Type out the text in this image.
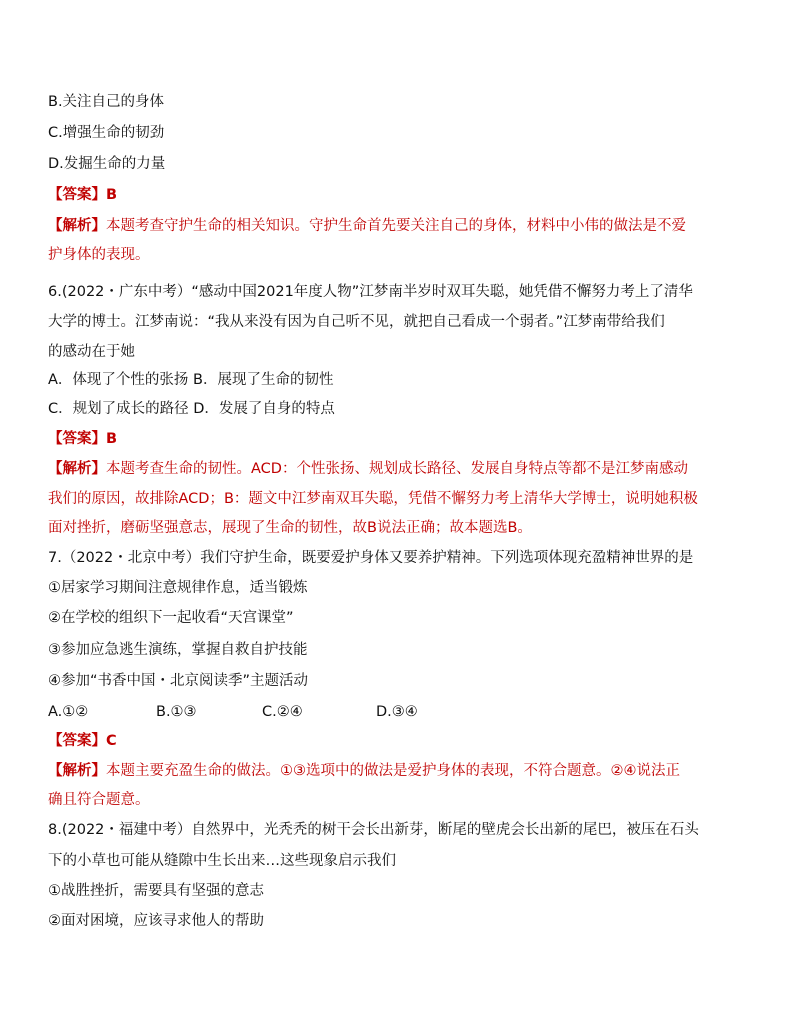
B.关注自己的身体
C.增强生命的韧劲
D.发掘生命的力量
【答案】B
【解析】本题考查守护生命的相关知识。守护生命首先要关注自己的身体，材料中小伟的做法是不爱
护身体的表现。
6.(2022・广东中考）“感动中国2021年度人物”江梦南半岁时双耳失聪，她凭借不懈努力考上了清华
大学的博士。江梦南说：“我从来没有因为自己听不见，就把自己看成一个弱者。”江梦南带给我们
的感动在于她
A．体现了个性的张扬 B．展现了生命的韧性
C．规划了成长的路径 D．发展了自身的特点
【答案】B
【解析】本题考查生命的韧性。ACD：个性张扬、规划成长路径、发展自身特点等都不是江梦南感动
我们的原因，故排除ACD；B：题文中江梦南双耳失聪，凭借不懈努力考上清华大学博士，说明她积极
面对挫折，磨砺坚强意志，展现了生命的韧性，故B说法正确；故本题选B。
7.（2022・北京中考）我们守护生命，既要爱护身体又要养护精神。下列选项体现充盈精神世界的是
①居家学习期间注意规律作息，适当锻炼
②在学校的组织下一起收看“天宫课堂”
③参加应急逃生演练，掌握自救自护技能
④参加“书香中国・北京阅读季”主题活动
A.①②	B.①③	C.②④	D.③④
【答案】C
【解析】本题主要充盈生命的做法。①③选项中的做法是爱护身体的表现，不符合题意。②④说法正
确且符合题意。
8.(2022・福建中考）自然界中，光秃秃的树干会长出新芽，断尾的壁虎会长出新的尾巴，被压在石头
下的小草也可能从缝隙中生长出来…这些现象启示我们
①战胜挫折，需要具有坚强的意志
②面对困境，应该寻求他人的帮助
